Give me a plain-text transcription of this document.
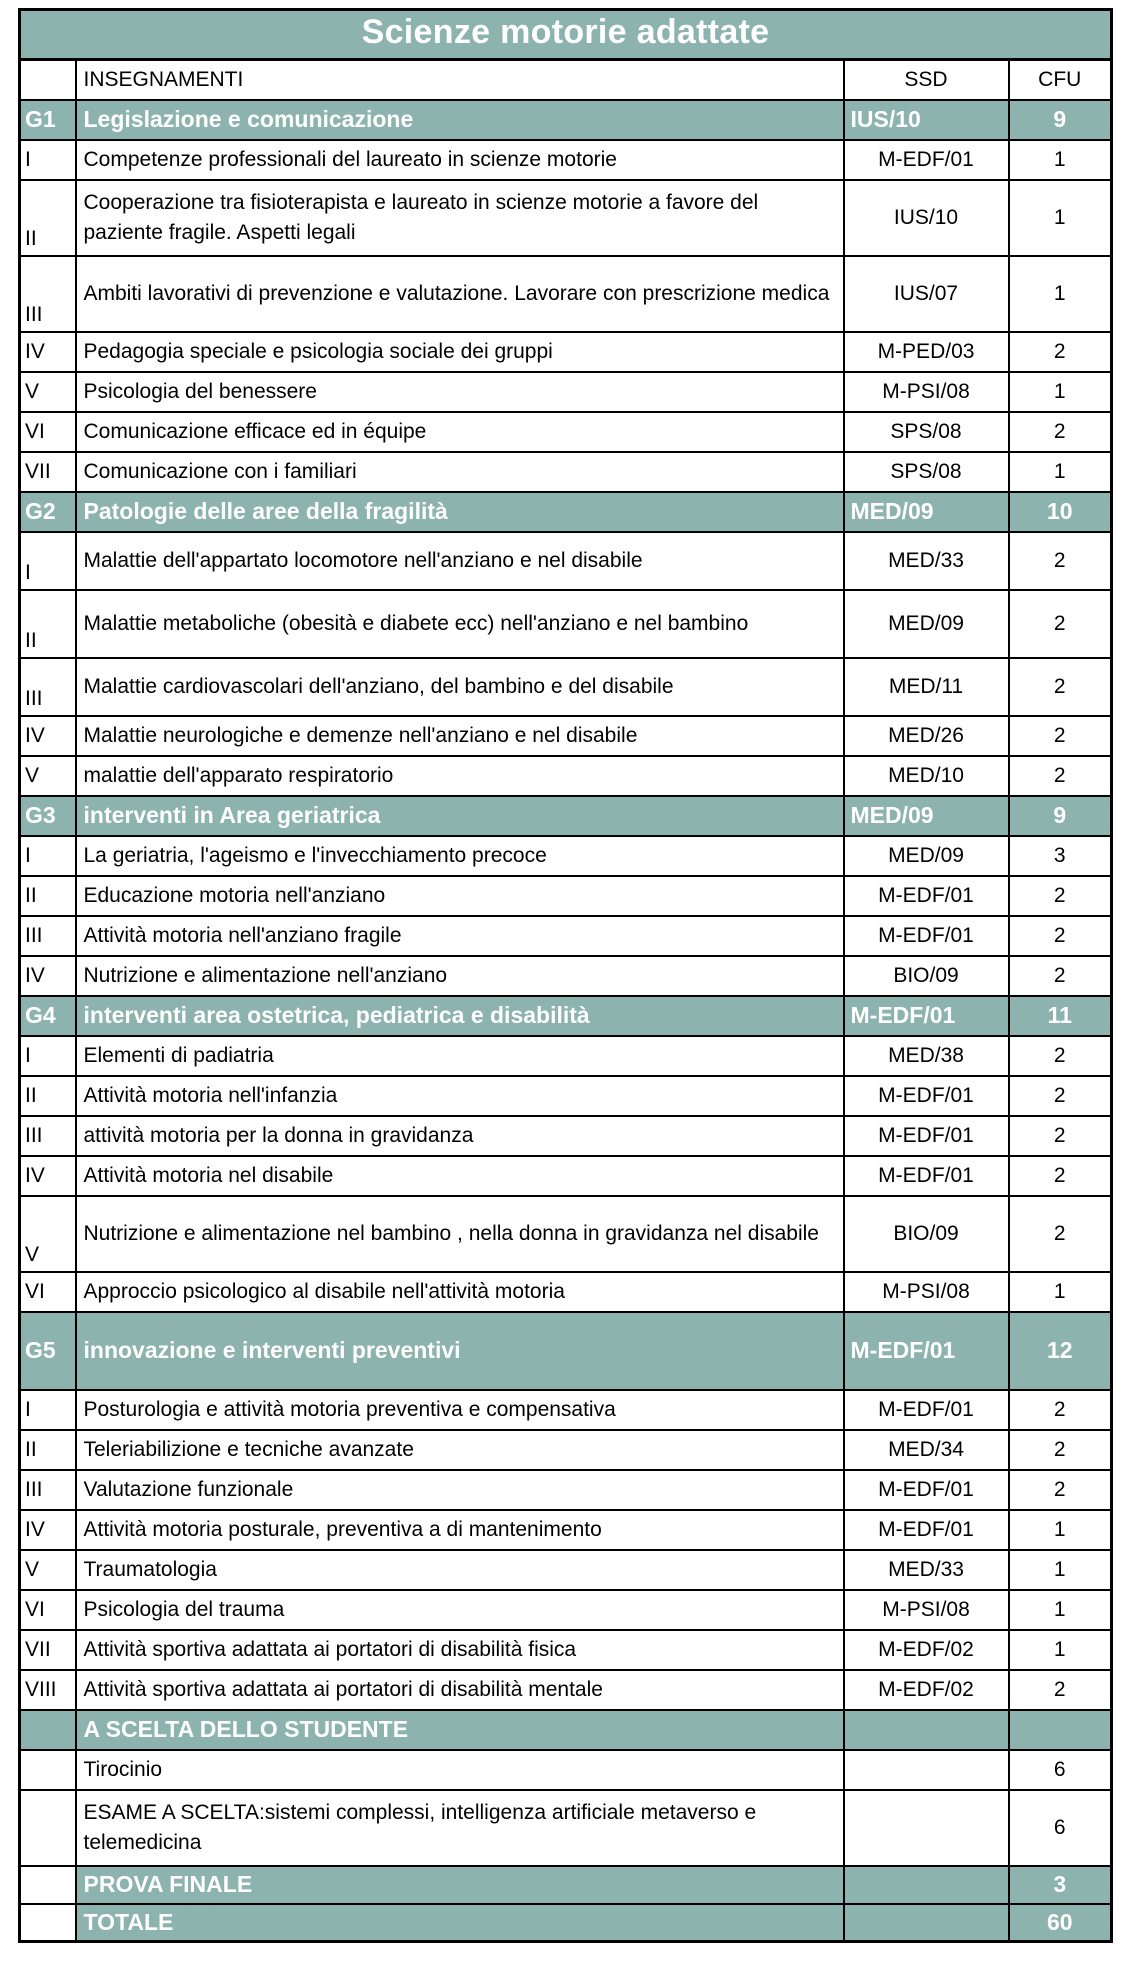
Scienze motorie adattate			
	INSEGNAMENTI	SSD	CFU
G1	Legislazione e comunicazione	IUS/10	9
I	Competenze professionali del laureato in scienze motorie	M-EDF/01	1
II	Cooperazione tra fisioterapista e laureato in scienze motorie a favore del paziente fragile. Aspetti legali	IUS/10	1
III	Ambiti lavorativi di prevenzione e valutazione. Lavorare con prescrizione medica	IUS/07	1
IV	Pedagogia speciale e psicologia sociale dei gruppi	M-PED/03	2
V	Psicologia del benessere	M-PSI/08	1
VI	Comunicazione efficace ed in équipe	SPS/08	2
VII	Comunicazione con i familiari	SPS/08	1
G2	Patologie delle aree della fragilità	MED/09	10
I	Malattie dell'appartato locomotore nell'anziano e nel disabile	MED/33	2
II	Malattie metaboliche (obesità e diabete ecc) nell'anziano e nel bambino	MED/09	2
III	Malattie cardiovascolari dell'anziano, del bambino e del disabile	MED/11	2
IV	Malattie neurologiche e demenze nell'anziano e nel disabile	MED/26	2
V	malattie dell'apparato respiratorio	MED/10	2
G3	interventi in Area geriatrica	MED/09	9
I	La geriatria, l'ageismo e l'invecchiamento precoce	MED/09	3
II	Educazione motoria nell'anziano	M-EDF/01	2
III	Attività motoria nell'anziano fragile	M-EDF/01	2
IV	Nutrizione e alimentazione nell'anziano	BIO/09	2
G4	interventi area ostetrica, pediatrica e disabilità	M-EDF/01	11
I	Elementi di padiatria	MED/38	2
II	Attività motoria nell'infanzia	M-EDF/01	2
III	attività motoria per la donna in gravidanza	M-EDF/01	2
IV	Attività motoria nel disabile	M-EDF/01	2
V	Nutrizione e alimentazione nel bambino , nella donna in gravidanza nel disabile	BIO/09	2
VI	Approccio psicologico al disabile nell'attività motoria	M-PSI/08	1
G5	innovazione e interventi preventivi	M-EDF/01	12
I	Posturologia e attività motoria preventiva e compensativa	M-EDF/01	2
II	Teleriabilizione e tecniche avanzate	MED/34	2
III	Valutazione funzionale	M-EDF/01	2
IV	Attività motoria posturale, preventiva a di mantenimento	M-EDF/01	1
V	Traumatologia	MED/33	1
VI	Psicologia del trauma	M-PSI/08	1
VII	Attività sportiva adattata ai portatori di disabilità fisica	M-EDF/02	1
VIII	Attività sportiva adattata ai portatori di disabilità mentale	M-EDF/02	2
	A SCELTA DELLO STUDENTE		
	Tirocinio		6
	ESAME A SCELTA:sistemi complessi, intelligenza artificiale metaverso e telemedicina		6
	PROVA FINALE		3
	TOTALE		60
